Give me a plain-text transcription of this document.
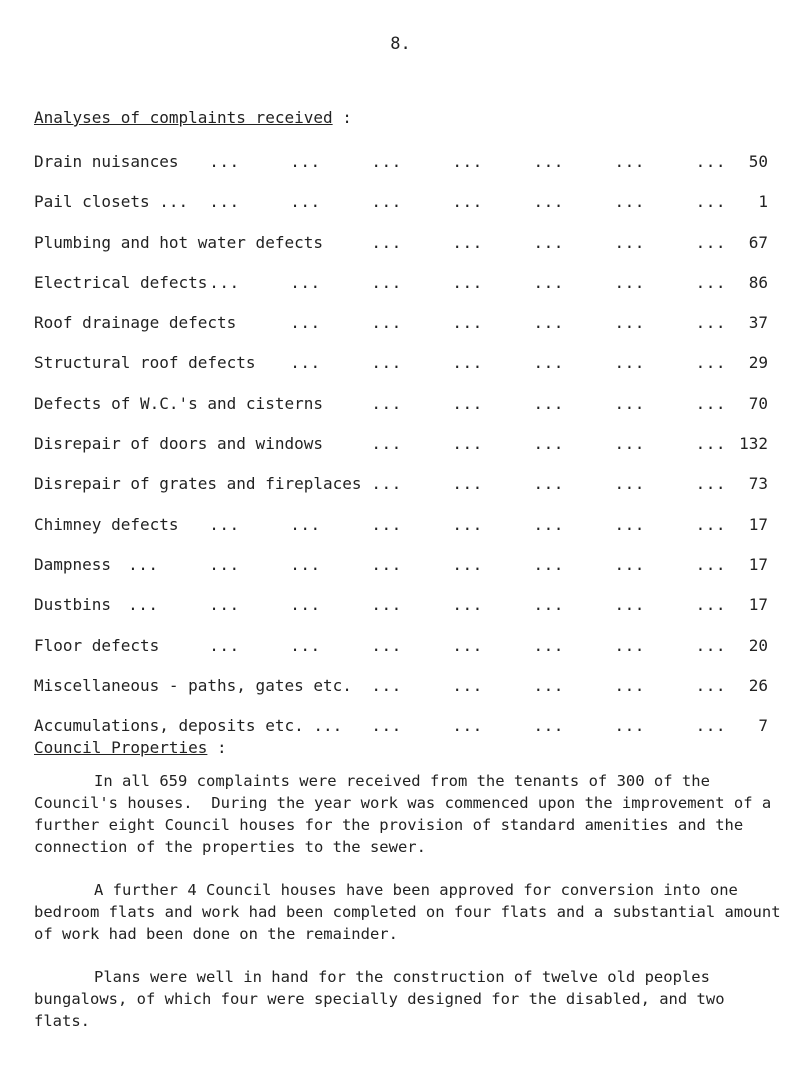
8.
Analyses of complaints received :
Drain nuisances ...     ...     ...     ...     ...     ...     ...	50
Pail closets ... ...     ...     ...     ...     ...     ...     ...	1
Plumbing and hot water defects	...     ...     ...     ...     ...	67
Electrical defects ...     ...     ...     ...     ...     ...     ...	86
Roof drainage defects	...     ...     ...     ...     ...     ...	37
Structural roof defects ...     ...     ...     ...     ...     ...	29
Defects of W.C.'s and cisterns	...     ...     ...     ...     ...	70
Disrepair of doors and windows	...     ...     ...     ...     ... 132
Disrepair of grates and fireplaces ...     ...     ...     ...     ...	73
Chimney defects ...     ...     ...     ...     ...     ...     ...	17
Dampness ...     ...     ...     ...     ...     ...     ...     ...	17
Dustbins ...     ...     ...     ...     ...     ...     ...     ...	17
Floor defects	...     ...     ...     ...     ...     ...     ...	20
Miscellaneous - paths, gates etc. ...     ...     ...     ...     ...	26
Accumulations, deposits etc. ... ...     ...     ...     ...     ...	7
Council Properties :

In all 659 complaints were received from the tenants of 300 of the Council's houses.  During the year work was commenced upon the improvement of a further eight Council houses for the provision of standard amenities and the connection of the properties to the sewer.

A further 4 Council houses have been approved for conversion into one bedroom flats and work had been completed on four flats and a substantial amount of work had been done on the remainder.

Plans were well in hand for the construction of twelve old peoples bungalows, of which four were specially designed for the disabled, and two flats.
